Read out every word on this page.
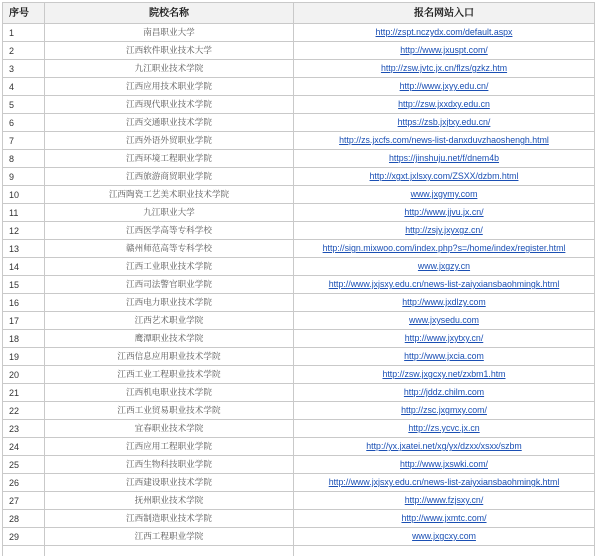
序号	院校名称	报名网站入口
1	南昌职业大学	http://zspt.nczydx.com/default.aspx
2	江西软件职业技术大学	http://www.jxuspt.com/
3	九江职业技术学院	http://zsw.jvtc.jx.cn/flzs/gzkz.htm
4	江西应用技术职业学院	http://www.jxyy.edu.cn/
5	江西现代职业技术学院	http://zsw.jxxdxy.edu.cn
6	江西交通职业技术学院	https://zsb.jxjtxy.edu.cn/
7	江西外语外贸职业学院	http://zs.jxcfs.com/news-list-danxduvzhaoshengh.html
8	江西环境工程职业学院	https://jinshuju.net/f/dnem4b
9	江西旅游商贸职业学院	http://xgxt.jxlsxy.com/ZSXX/dzbm.html
10	江西陶瓷工艺美术职业技术学院	www.jxgymy.com
11	九江职业大学	http://www.jjvu.jx.cn/
12	江西医学高等专科学校	http://zsjy.jxyxgz.cn/
13	赣州师范高等专科学校	http://sign.mixwoo.com/index.php?s=/home/index/register.html
14	江西工业职业技术学院	www.jxgzy.cn
15	江西司法警官职业学院	http://www.jxjsxy.edu.cn/news-list-zaiyxiansbaohmingk.html
16	江西电力职业技术学院	http://www.jxdlzy.com
17	江西艺术职业学院	www.jxysedu.com
18	鹰潭职业技术学院	http://www.jxytxy.cn/
19	江西信息应用职业技术学院	http://www.jxcia.com
20	江西工业工程职业技术学院	http://zsw.jxgcxy.net/zxbm1.htm
21	江西机电职业技术学院	http://jddz.chilm.com
22	江西工业贸易职业技术学院	http://zsc.jxgmxy.com/
23	宜春职业技术学院	http://zs.ycvc.jx.cn
24	江西应用工程职业学院	http://yx.jxatei.net/xg/yx/dzxx/xsxx/szbm
25	江西生物科技职业学院	http://www.jxswki.com/
26	江西建设职业技术学院	http://www.jxjsxy.edu.cn/news-list-zaiyxiansbaohmingk.html
27	抚州职业技术学院	http://www.fzjsxy.cn/
28	江西制造职业技术学院	http://www.jxmtc.com/
29	江西工程职业学院	www.jxgcxy.com
